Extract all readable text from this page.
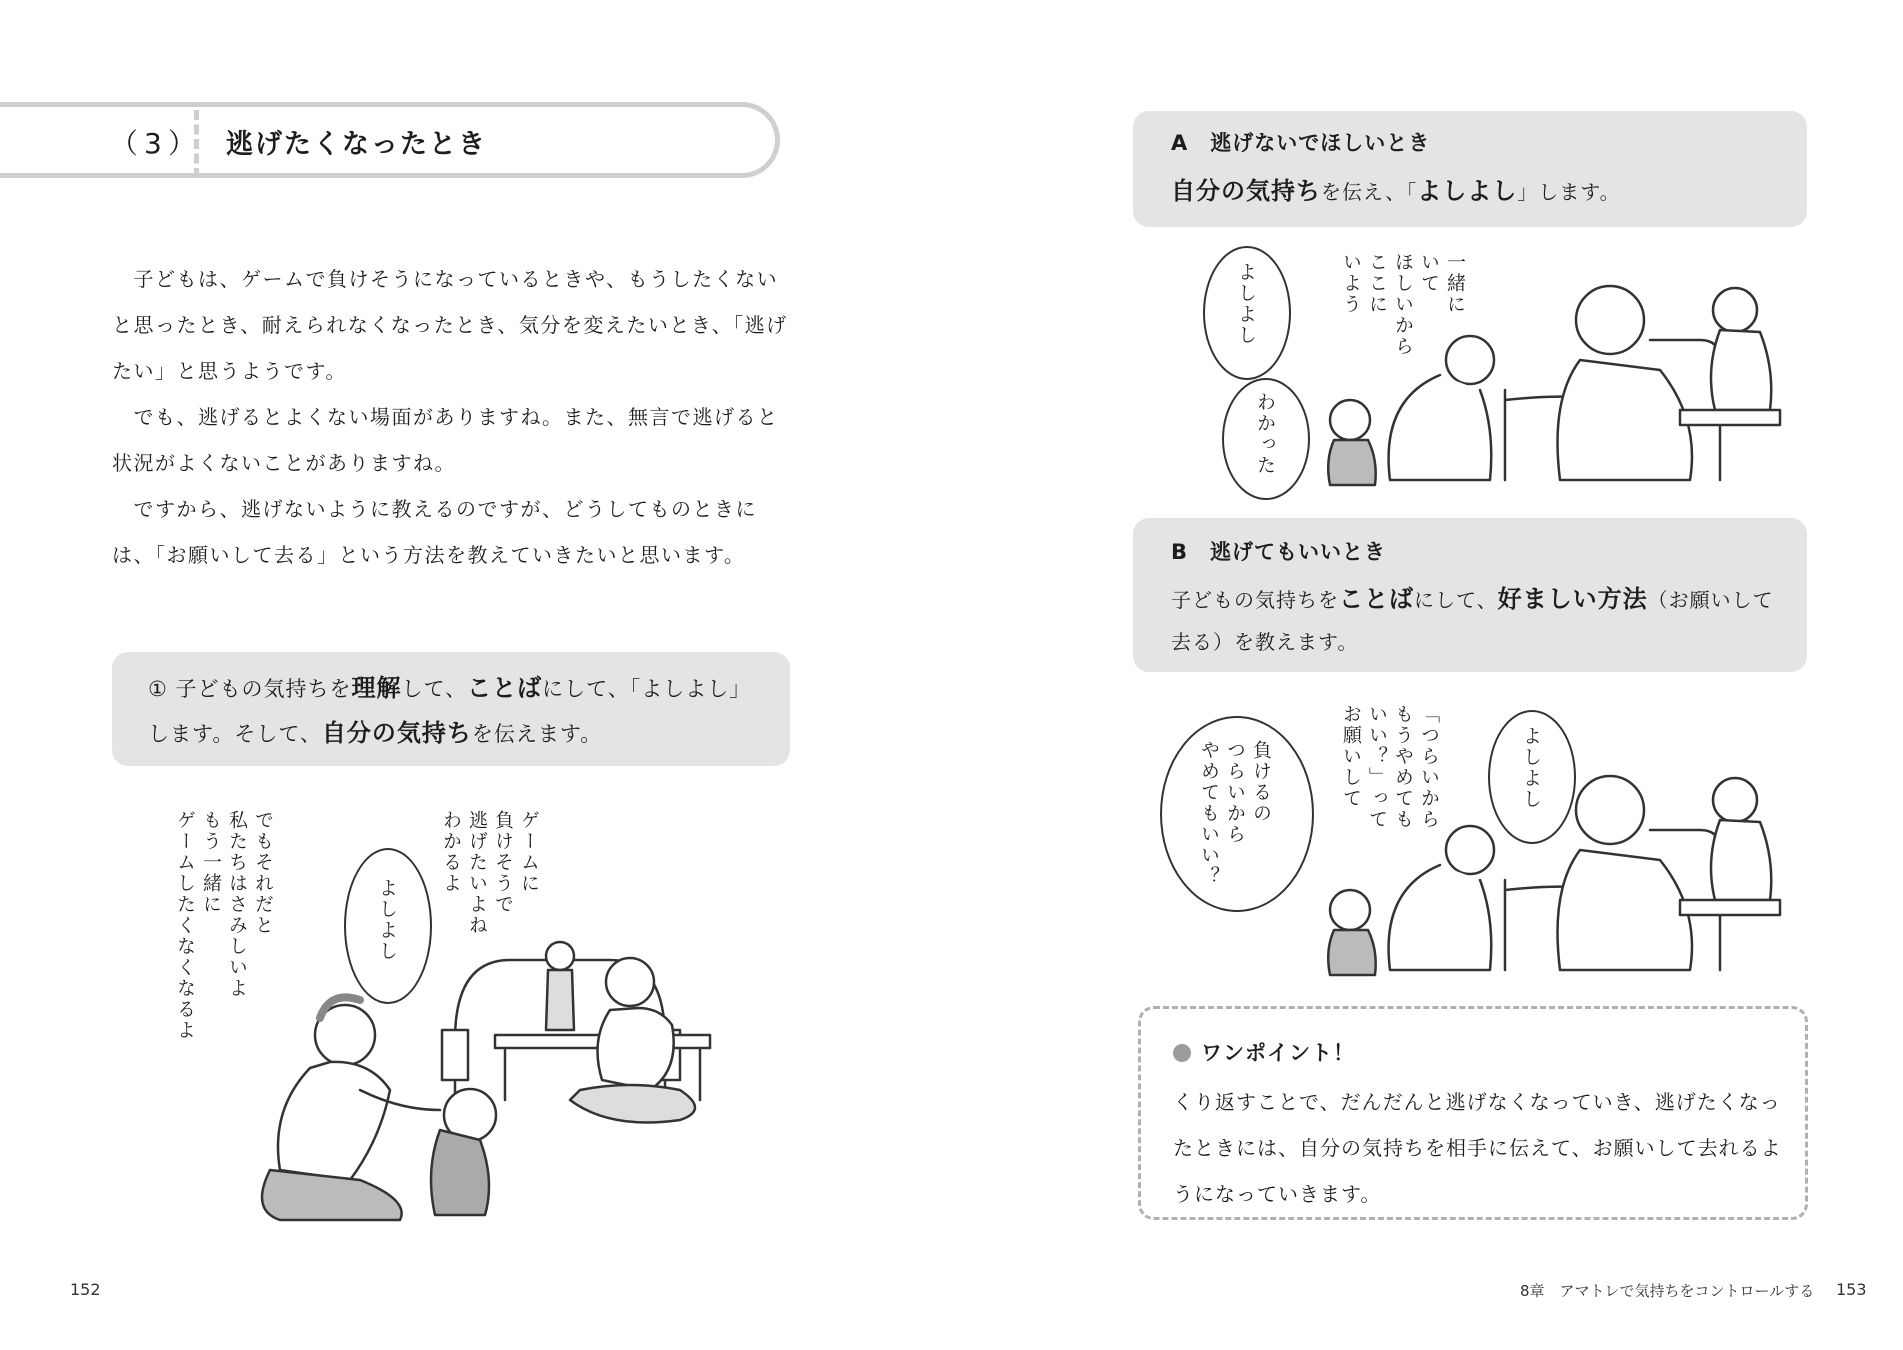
（3） 逃げたくなったとき

　子どもは、ゲームで負けそうになっているときや、もうしたくないと思ったとき、耐えられなくなったとき、気分を変えたいとき、「逃げたい」と思うようです。

　でも、逃げるとよくない場面がありますね。また、無言で逃げると状況がよくないことがありますね。

　ですから、逃げないように教えるのですが、どうしてものときには、「お願いして去る」という方法を教えていきたいと思います。

① 子どもの気持ちを理解して、ことばにして、「よしよし」します。そして、自分の気持ちを伝えます。
ゲームに
負けそうで
逃げたいよね
わかるよ
でもそれだと
私たちはさみしいよ
もう一緒に
ゲームしたくなくなるよ	よしよし
152
A　逃げないでほしいとき
自分の気持ちを伝え、「よしよし」します。
よしよし
わかった
一緒に
いて
ほしいから
ここに
いよう
B　逃げてもいいとき
子どもの気持ちをことばにして、好ましい方法（お願いして去る）を教えます。
負けるの
つらいから
やめてもいい？	よしよし
「つらいから
もうやめても
いい？」って
お願いして
ワンポイント！
くり返すことで、だんだんと逃げなくなっていき、逃げたくなったときには、自分の気持ちを相手に伝えて、お願いして去れるようになっていきます。
8章　アマトレで気持ちをコントロールする 153
